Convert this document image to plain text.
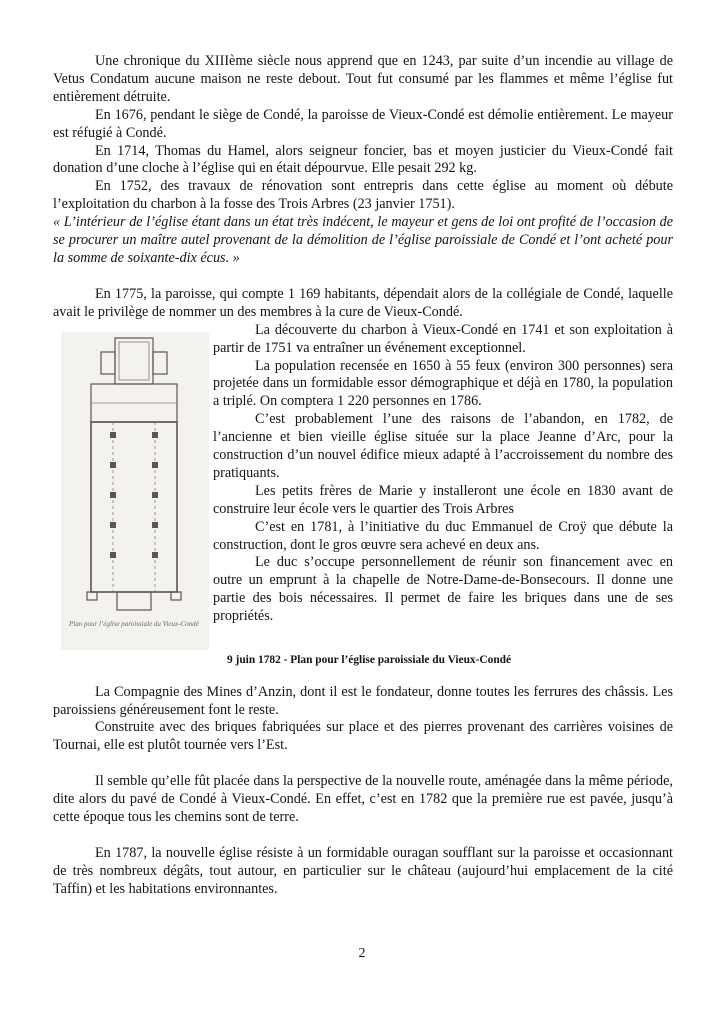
Une chronique du XIIIème siècle nous apprend que en 1243, par suite d’un incendie au village de Vetus Condatum aucune maison ne reste debout. Tout fut consumé par les flammes et même l’église fut entièrement détruite.

En 1676, pendant le siège de Condé, la paroisse de Vieux-Condé est démolie entièrement. Le mayeur est réfugié à Condé.

En 1714, Thomas du Hamel, alors seigneur foncier, bas et moyen justicier du Vieux-Condé fait donation d’une cloche à l’église qui en était dépourvue. Elle pesait 292 kg.

En 1752, des travaux de rénovation sont entrepris dans cette église au moment où débute l’exploitation du charbon à la fosse des Trois Arbres (23 janvier 1751).

« L’intérieur de l’église étant dans un état très indécent, le mayeur et gens de loi ont profité de l’occasion de se procurer un maître autel provenant de la démolition de l’église paroissiale de Condé et l’ont acheté pour la somme de soixante-dix écus. »

En 1775, la paroisse, qui compte 1 169 habitants, dépendait alors de la collégiale de Condé, laquelle avait le privilège de nommer un des membres à la cure de Vieux-Condé.

Plan pour l’église paroissiale du Vieux-Condé

La découverte du charbon à Vieux-Condé en 1741 et son exploitation à partir de 1751 va entraîner un événement exceptionnel.

La population recensée en 1650 à 55 feux (environ 300 personnes) sera projetée dans un formidable essor démographique et déjà en 1780, la population a triplé. On comptera 1 220 personnes en 1786.

C’est probablement l’une des raisons de l’abandon, en 1782, de l’ancienne et bien vieille église située sur la place Jeanne d’Arc, pour la construction d’un nouvel édifice mieux adapté à l’accroissement du nombre des pratiquants.

Les petits frères de Marie y installeront une école en 1830 avant de construire leur école vers le quartier des Trois Arbres

C’est en 1781, à l’initiative du duc Emmanuel de Croÿ que débute la construction, dont le gros œuvre sera achevé en deux ans.

Le duc s’occupe personnellement de réunir son financement avec en outre un emprunt à la chapelle de Notre-Dame-de-Bonsecours. Il donne une partie des bois nécessaires. Il permet de faire les briques dans une de ses propriétés.

9 juin 1782 - Plan pour l’église paroissiale du Vieux-Condé

La Compagnie des Mines d’Anzin, dont il est le fondateur, donne toutes les ferrures des châssis. Les paroissiens généreusement font le reste.

Construite avec des briques fabriquées sur place et des pierres provenant des carrières voisines de Tournai, elle est plutôt tournée vers l’Est.

Il semble qu’elle fût placée dans la perspective de la nouvelle route, aménagée dans la même période, dite alors du pavé de Condé à Vieux-Condé. En effet, c’est en 1782 que la première rue est pavée, jusqu’à cette époque tous les chemins sont de terre.

En 1787, la nouvelle église résiste à un formidable ouragan soufflant sur la paroisse et occasionnant de très nombreux dégâts, tout autour, en particulier sur le château (aujourd’hui emplacement de la cité Taffin) et les habitations environnantes.

2
